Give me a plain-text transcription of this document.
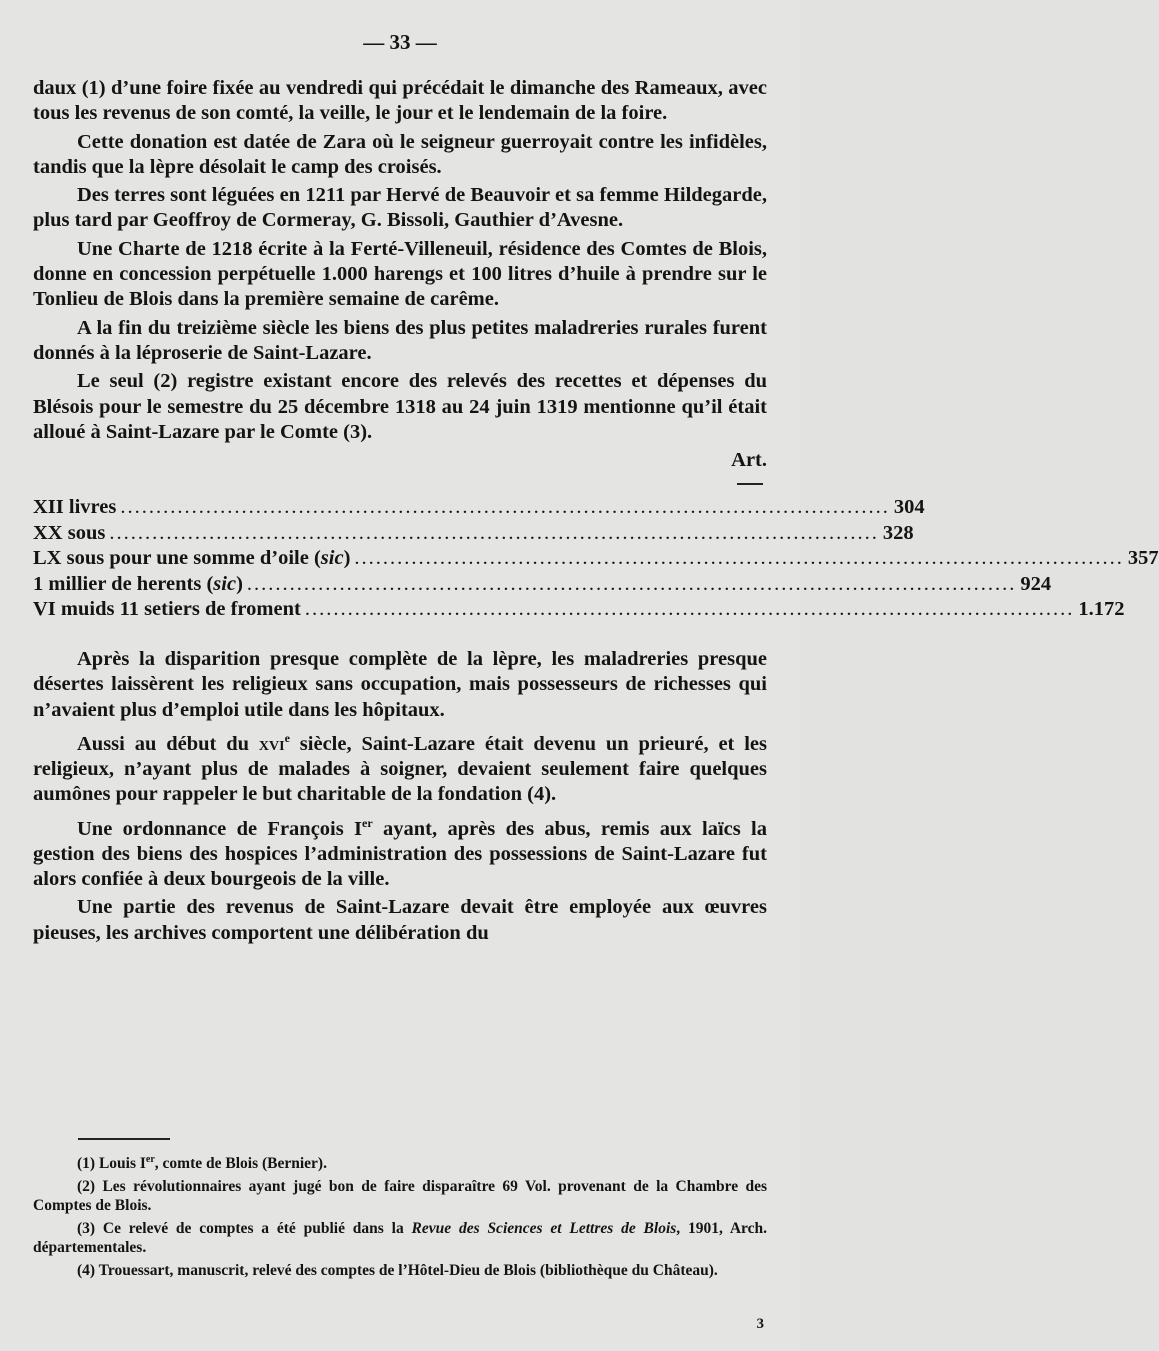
— 33 —

daux (1) d’une foire fixée au vendredi qui précédait le dimanche des Rameaux, avec tous les revenus de son comté, la veille, le jour et le lendemain de la foire.

Cette donation est datée de Zara où le seigneur guerroyait contre les infidèles, tandis que la lèpre désolait le camp des croisés.

Des terres sont léguées en 1211 par Hervé de Beauvoir et sa femme Hildegarde, plus tard par Geoffroy de Cormeray, G. Bissoli, Gauthier d’Avesne.

Une Charte de 1218 écrite à la Ferté-Villeneuil, résidence des Comtes de Blois, donne en concession perpétuelle 1.000 harengs et 100 litres d’huile à prendre sur le Tonlieu de Blois dans la première semaine de carême.

A la fin du treizième siècle les biens des plus petites maladreries rurales furent donnés à la léproserie de Saint-Lazare.

Le seul (2) registre existant encore des relevés des recettes et dépenses du Blésois pour le semestre du 25 décembre 1318 au 24 juin 1319 mentionne qu’il était alloué à Saint-Lazare par le Comte (3).

Art.
XII livres ............................................................................................................ 304
XX sous ............................................................................................................ 328
LX sous pour une somme d’oile (sic) ............................................................................................................ 357
1 millier de herents (sic) ............................................................................................................ 924
VI muids 11 setiers de froment ............................................................................................................ 1.172

Après la disparition presque complète de la lèpre, les maladreries presque désertes laissèrent les religieux sans occupation, mais possesseurs de richesses qui n’avaient plus d’emploi utile dans les hôpitaux.

Aussi au début du xvi$^e$ siècle, Saint-Lazare était devenu un prieuré, et les religieux, n’ayant plus de malades à soigner, devaient seulement faire quelques aumônes pour rappeler le but charitable de la fondation (4).

Une ordonnance de François Ier ayant, après des abus, remis aux laïcs la gestion des biens des hospices l’administration des possessions de Saint-Lazare fut alors confiée à deux bourgeois de la ville.

Une partie des revenus de Saint-Lazare devait être employée aux œuvres pieuses, les archives comportent une délibération du

(1) Louis Ier, comte de Blois (Bernier).

(2) Les révolutionnaires ayant jugé bon de faire disparaître 69 Vol. provenant de la Chambre des Comptes de Blois.

(3) Ce relevé de comptes a été publié dans la Revue des Sciences et Lettres de Blois, 1901, Arch. départementales.

(4) Trouessart, manuscrit, relevé des comptes de l’Hôtel-Dieu de Blois (bibliothèque du Château).

3
